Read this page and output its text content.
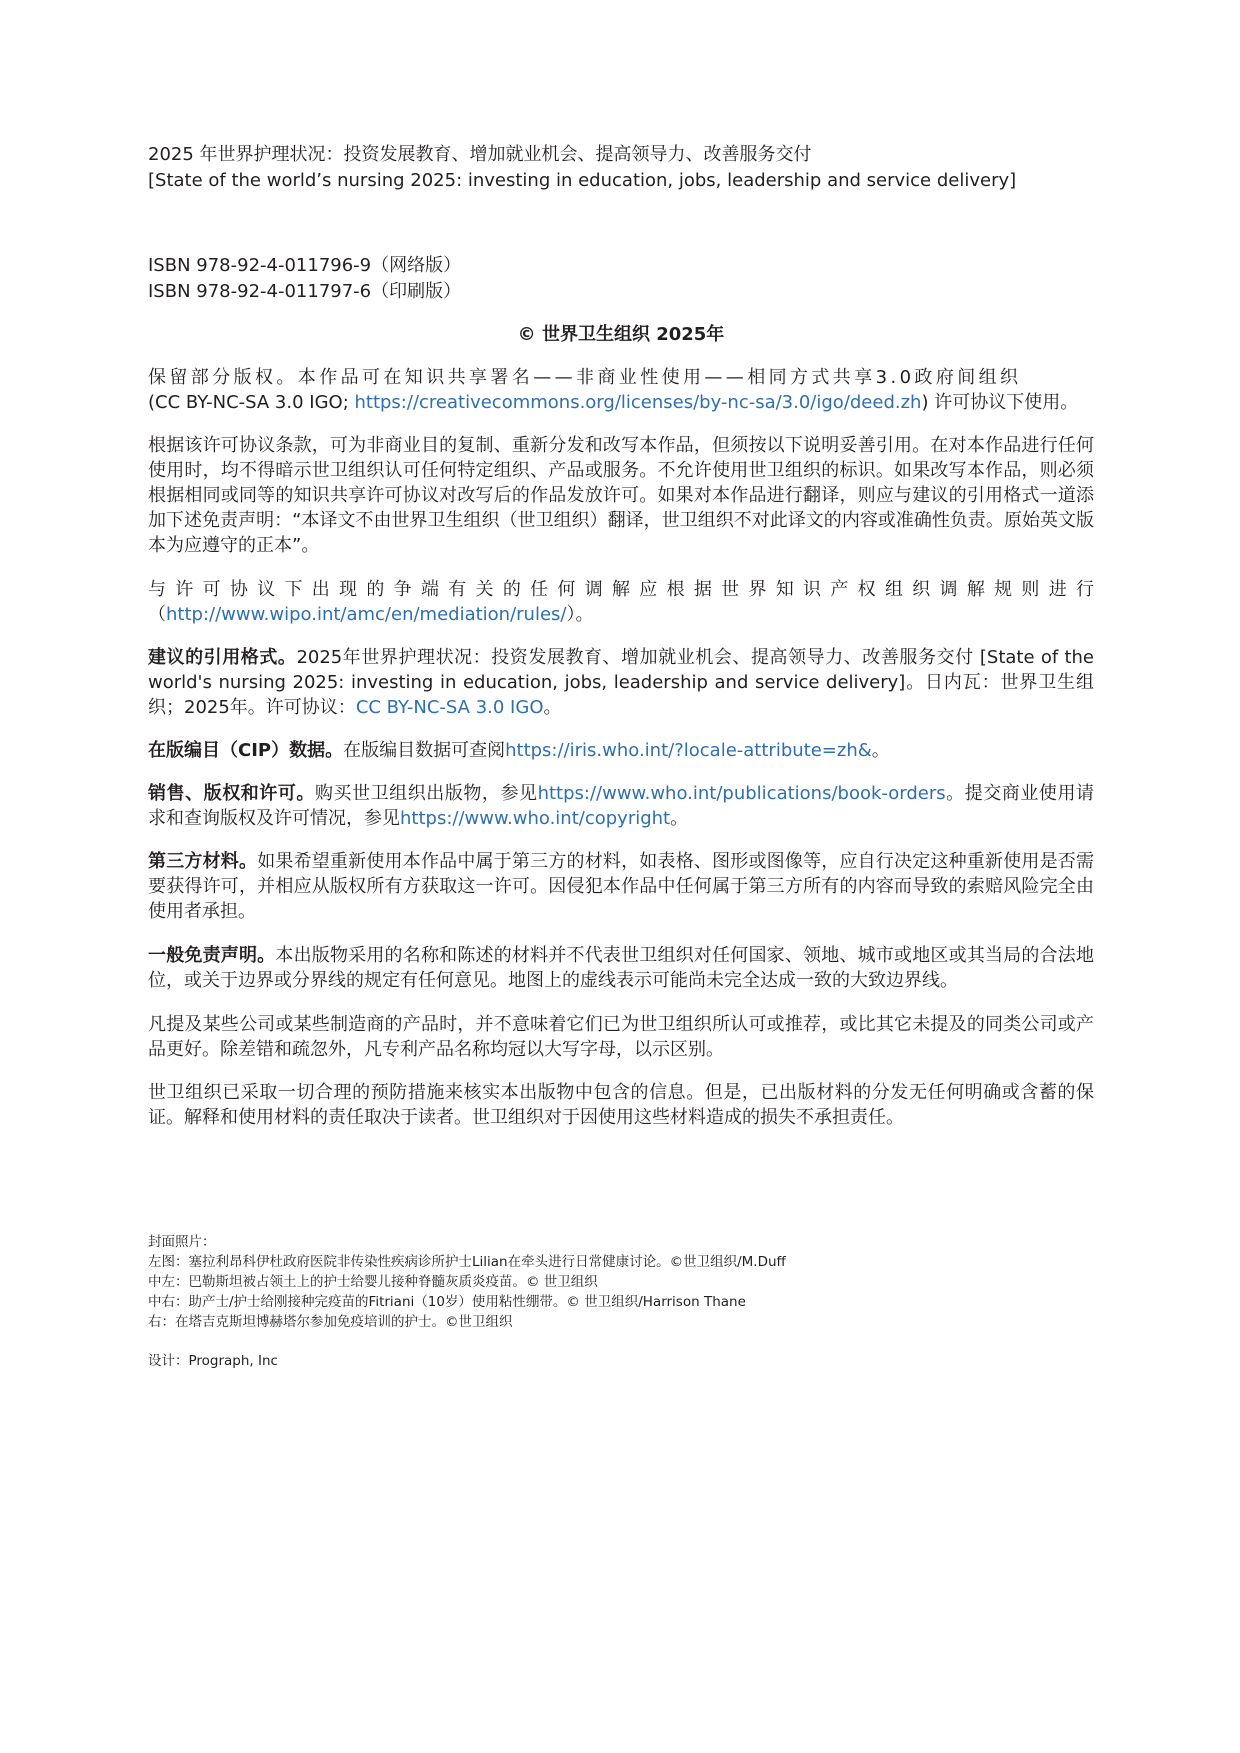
2025 年世界护理状况：投资发展教育、增加就业机会、提高领导力、改善服务交付

[State of the world’s nursing 2025: investing in education, jobs, leadership and service delivery]

ISBN 978-92-4-011796-9（网络版）

ISBN 978-92-4-011797-6（印刷版）

© 世界卫生组织 2025年

保留部分版权。本作品可在知识共享署名——非商业性使用——相同方式共享3.0政府间组织

(CC BY-NC-SA 3.0 IGO; https://creativecommons.org/licenses/by-nc-sa/3.0/igo/deed.zh) 许可协议下使用。

根据该许可协议条款，可为非商业目的复制、重新分发和改写本作品，但须按以下说明妥善引用。在对本作品进行任何使用时，均不得暗示世卫组织认可任何特定组织、产品或服务。不允许使用世卫组织的标识。如果改写本作品，则必须根据相同或同等的知识共享许可协议对改写后的作品发放许可。如果对本作品进行翻译，则应与建议的引用格式一道添加下述免责声明：“本译文不由世界卫生组织（世卫组织）翻译，世卫组织不对此译文的内容或准确性负责。原始英文版本为应遵守的正本”。

与许可协议下出现的争端有关的任何调解应根据世界知识产权组织调解规则进行 （http://www.wipo.int/amc/en/mediation/rules/）。

建议的引用格式。2025年世界护理状况：投资发展教育、增加就业机会、提高领导力、改善服务交付 [State of the world's nursing 2025: investing in education, jobs, leadership and service delivery]。日内瓦：世界卫生组织；2025年。许可协议：CC BY-NC-SA 3.0 IGO。

在版编目（CIP）数据。在版编目数据可查阅https://iris.who.int/?locale-attribute=zh&。

销售、版权和许可。购买世卫组织出版物，参见https://www.who.int/publications/book-orders。提交商业使用请求和查询版权及许可情况，参见https://www.who.int/copyright。

第三方材料。如果希望重新使用本作品中属于第三方的材料，如表格、图形或图像等，应自行决定这种重新使用是否需要获得许可，并相应从版权所有方获取这一许可。因侵犯本作品中任何属于第三方所有的内容而导致的索赔风险完全由使用者承担。

一般免责声明。本出版物采用的名称和陈述的材料并不代表世卫组织对任何国家、领地、城市或地区或其当局的合法地位，或关于边界或分界线的规定有任何意见。地图上的虚线表示可能尚未完全达成一致的大致边界线。

凡提及某些公司或某些制造商的产品时，并不意味着它们已为世卫组织所认可或推荐，或比其它未提及的同类公司或产品更好。除差错和疏忽外，凡专利产品名称均冠以大写字母，以示区别。

世卫组织已采取一切合理的预防措施来核实本出版物中包含的信息。但是，已出版材料的分发无任何明确或含蓄的保证。解释和使用材料的责任取决于读者。世卫组织对于因使用这些材料造成的损失不承担责任。

封面照片：

左图：塞拉利昂科伊杜政府医院非传染性疾病诊所护士Lilian在牵头进行日常健康讨论。©世卫组织/M.Duff

中左：巴勒斯坦被占领土上的护士给婴儿接种脊髓灰质炎疫苗。© 世卫组织

中右：助产士/护士给刚接种完疫苗的Fitriani（10岁）使用粘性绷带。© 世卫组织/Harrison Thane

右：在塔吉克斯坦博赫塔尔参加免疫培训的护士。©世卫组织

设计：Prograph, Inc
